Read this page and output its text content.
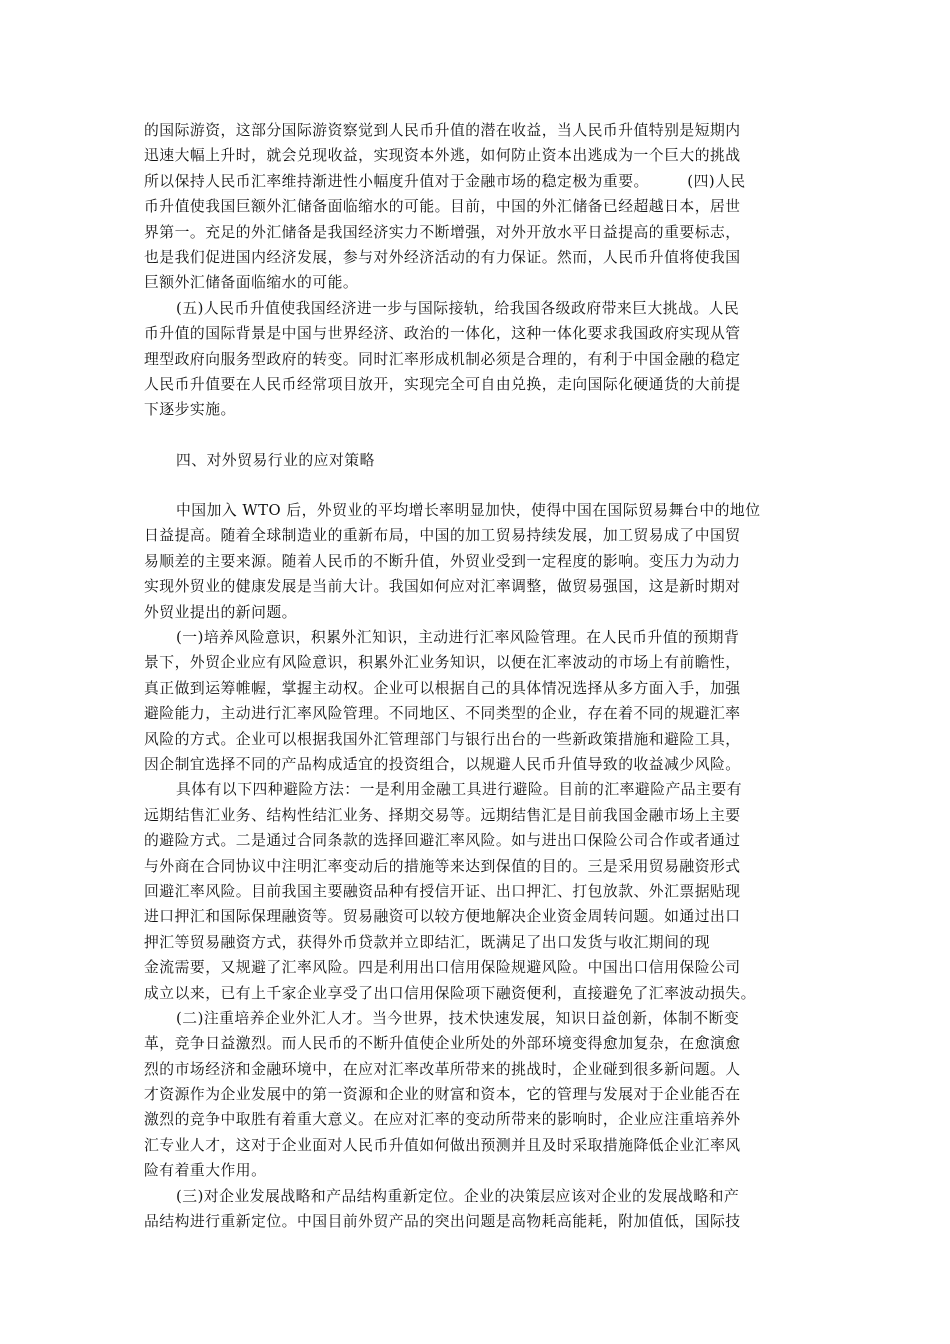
的国际游资，这部分国际游资察觉到人民币升值的潜在收益，当人民币升值特别是短期内
迅速大幅上升时，就会兑现收益，实现资本外逃，如何防止资本出逃成为一个巨大的挑战
所以保持人民币汇率维持渐进性小幅度升值对于金融市场的稳定极为重要。　　　(四)人民
币升值使我国巨额外汇储备面临缩水的可能。目前，中国的外汇储备已经超越日本，居世
界第一。充足的外汇储备是我国经济实力不断增强，对外开放水平日益提高的重要标志，
也是我们促进国内经济发展，参与对外经济活动的有力保证。然而，人民币升值将使我国
巨额外汇储备面临缩水的可能。
(五)人民币升值使我国经济进一步与国际接轨，给我国各级政府带来巨大挑战。人民
币升值的国际背景是中国与世界经济、政治的一体化，这种一体化要求我国政府实现从管
理型政府向服务型政府的转变。同时汇率形成机制必须是合理的，有利于中国金融的稳定
人民币升值要在人民币经常项目放开，实现完全可自由兑换，走向国际化硬通货的大前提
下逐步实施。
四、对外贸易行业的应对策略
中国加入 WTO 后，外贸业的平均增长率明显加快，使得中国在国际贸易舞台中的地位
日益提高。随着全球制造业的重新布局，中国的加工贸易持续发展，加工贸易成了中国贸
易顺差的主要来源。随着人民币的不断升值，外贸业受到一定程度的影响。变压力为动力
实现外贸业的健康发展是当前大计。我国如何应对汇率调整，做贸易强国，这是新时期对
外贸业提出的新问题。
(一)培养风险意识，积累外汇知识，主动进行汇率风险管理。在人民币升值的预期背
景下，外贸企业应有风险意识，积累外汇业务知识，以便在汇率波动的市场上有前瞻性，
真正做到运筹帷幄，掌握主动权。企业可以根据自己的具体情况选择从多方面入手，加强
避险能力，主动进行汇率风险管理。不同地区、不同类型的企业，存在着不同的规避汇率
风险的方式。企业可以根据我国外汇管理部门与银行出台的一些新政策措施和避险工具，
因企制宜选择不同的产品构成适宜的投资组合，以规避人民币升值导致的收益减少风险。
具体有以下四种避险方法：一是利用金融工具进行避险。目前的汇率避险产品主要有
远期结售汇业务、结构性结汇业务、择期交易等。远期结售汇是目前我国金融市场上主要
的避险方式。二是通过合同条款的选择回避汇率风险。如与进出口保险公司合作或者通过
与外商在合同协议中注明汇率变动后的措施等来达到保值的目的。三是采用贸易融资形式
回避汇率风险。目前我国主要融资品种有授信开证、出口押汇、打包放款、外汇票据贴现
进口押汇和国际保理融资等。贸易融资可以较方便地解决企业资金周转问题。如通过出口
押汇等贸易融资方式，获得外币贷款并立即结汇，既满足了出口发货与收汇期间的现
金流需要，又规避了汇率风险。四是利用出口信用保险规避风险。中国出口信用保险公司
成立以来，已有上千家企业享受了出口信用保险项下融资便利，直接避免了汇率波动损失。
(二)注重培养企业外汇人才。当今世界，技术快速发展，知识日益创新，体制不断变
革，竞争日益激烈。而人民币的不断升值使企业所处的外部环境变得愈加复杂，在愈演愈
烈的市场经济和金融环境中，在应对汇率改革所带来的挑战时，企业碰到很多新问题。人
才资源作为企业发展中的第一资源和企业的财富和资本，它的管理与发展对于企业能否在
激烈的竞争中取胜有着重大意义。在应对汇率的变动所带来的影响时，企业应注重培养外
汇专业人才，这对于企业面对人民币升值如何做出预测并且及时采取措施降低企业汇率风
险有着重大作用。
(三)对企业发展战略和产品结构重新定位。企业的决策层应该对企业的发展战略和产
品结构进行重新定位。中国目前外贸产品的突出问题是高物耗高能耗，附加值低，国际技
